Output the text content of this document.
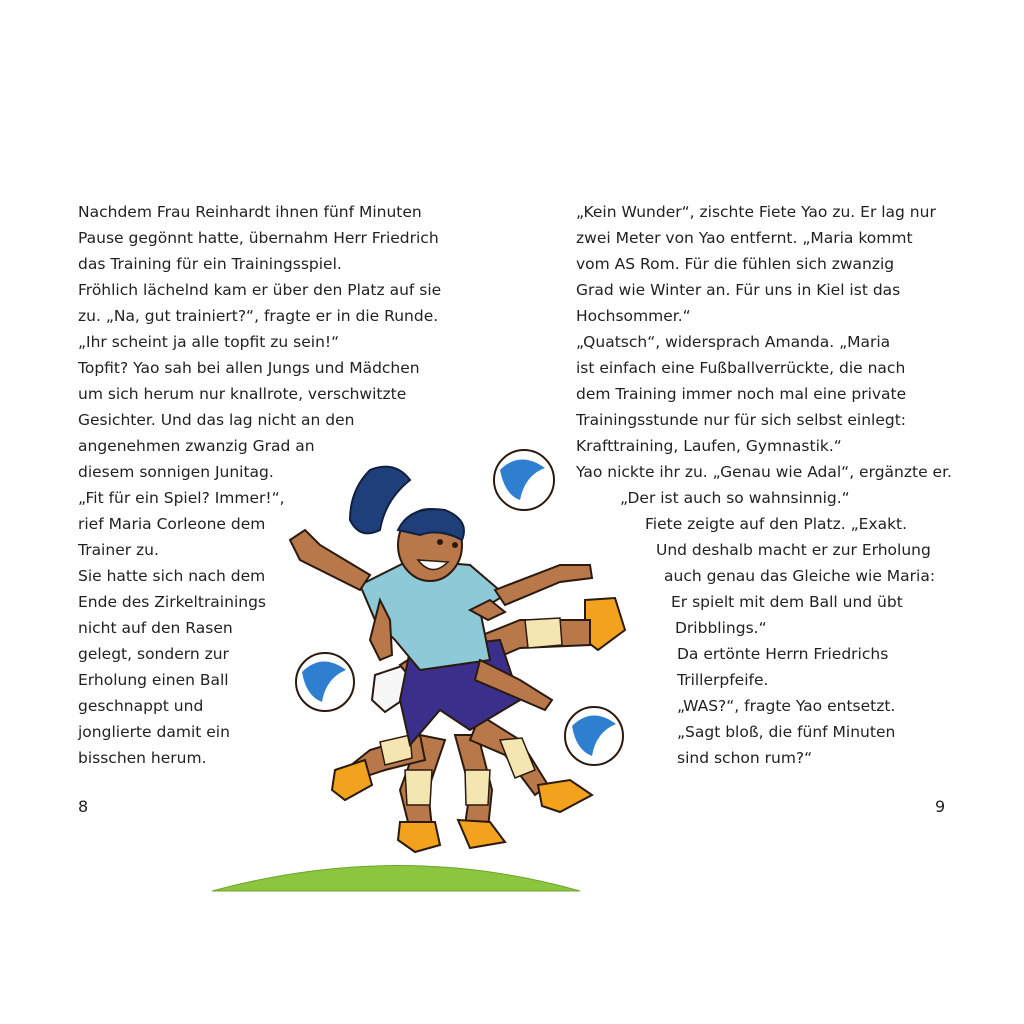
Nachdem Frau Reinhardt ihnen fünf Minuten
Pause gegönnt hatte, übernahm Herr Friedrich
das Training für ein Trainingsspiel.
Fröhlich lächelnd kam er über den Platz auf sie
zu. „Na, gut trainiert?“, fragte er in die Runde.
„Ihr scheint ja alle topfit zu sein!“
Topfit? Yao sah bei allen Jungs und Mädchen
um sich herum nur knallrote, verschwitzte
Gesichter. Und das lag nicht an den
angenehmen zwanzig Grad an
diesem sonnigen Junitag.
„Fit für ein Spiel? Immer!“,
rief Maria Corleone dem
Trainer zu.
Sie hatte sich nach dem
Ende des Zirkeltrainings
nicht auf den Rasen
gelegt, sondern zur
Erholung einen Ball
geschnappt und
jonglierte damit ein
bisschen herum.
8
„Kein Wunder“, zischte Fiete Yao zu. Er lag nur
zwei Meter von Yao entfernt. „Maria kommt
vom AS Rom. Für die fühlen sich zwanzig
Grad wie Winter an. Für uns in Kiel ist das
Hochsommer.“
„Quatsch“, widersprach Amanda. „Maria
ist einfach eine Fußballverrückte, die nach
dem Training immer noch mal eine private
Trainingsstunde nur für sich selbst einlegt:
Krafttraining, Laufen, Gymnastik.“
Yao nickte ihr zu. „Genau wie Adal“, ergänzte er.
„Der ist auch so wahnsinnig.“
Fiete zeigte auf den Platz. „Exakt.
Und deshalb macht er zur Erholung
auch genau das Gleiche wie Maria:
Er spielt mit dem Ball und übt
Dribblings.“
Da ertönte Herrn Friedrichs
Trillerpfeife.
„WAS?“, fragte Yao entsetzt.
„Sagt bloß, die fünf Minuten
sind schon rum?“
9
